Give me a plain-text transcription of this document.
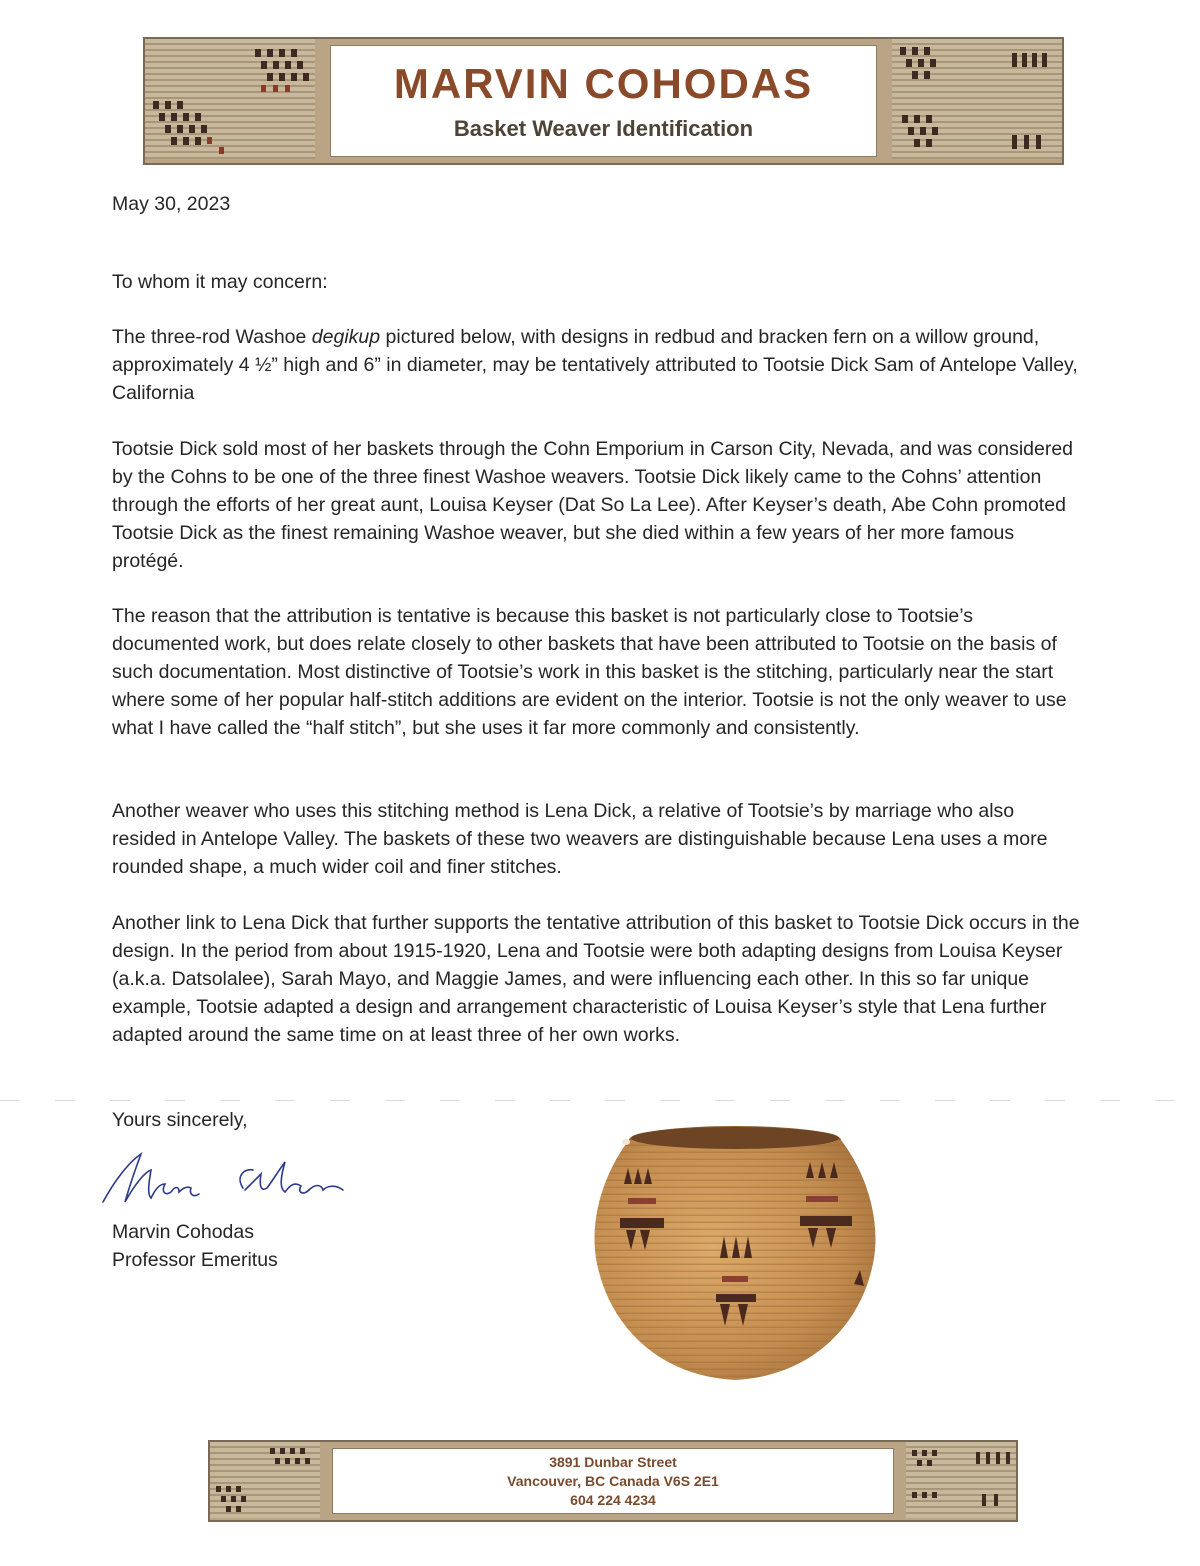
MARVIN COHODAS
Basket Weaver Identification
May 30, 2023
To whom it may concern:

The three-rod Washoe degikup pictured below, with designs in redbud and bracken fern on a willow ground, approximately 4 ½” high and 6” in diameter, may be tentatively attributed to Tootsie Dick Sam of Antelope Valley, California

Tootsie Dick sold most of her baskets through the Cohn Emporium in Carson City, Nevada, and was considered by the Cohns to be one of the three finest Washoe weavers. Tootsie Dick likely came to the Cohns’ attention through the efforts of her great aunt, Louisa Keyser (Dat So La Lee). After Keyser’s death, Abe Cohn promoted Tootsie Dick as the finest remaining Washoe weaver, but she died within a few years of her more famous protégé.
The reason that the attribution is tentative is because this basket is not particularly close to Tootsie’s documented work, but does relate closely to other baskets that have been attributed to Tootsie on the basis of such documentation. Most distinctive of Tootsie’s work in this basket is the stitching, particularly near the start where some of her popular half-stitch additions are evident on the interior. Tootsie is not the only weaver to use what I have called the “half stitch”, but she uses it far more commonly and consistently.
Another weaver who uses this stitching method is Lena Dick, a relative of Tootsie’s by marriage who also resided in Antelope Valley. The baskets of these two weavers are distinguishable because Lena uses a more rounded shape, a much wider coil and finer stitches.
Another link to Lena Dick that further supports the tentative attribution of this basket to Tootsie Dick occurs in the design. In the period from about 1915-1920, Lena and Tootsie were both adapting designs from Louisa Keyser (a.k.a. Datsolalee), Sarah Mayo, and Maggie James, and were influencing each other. In this so far unique example, Tootsie adapted a design and arrangement characteristic of Louisa Keyser’s style that Lena further adapted around the same time on at least three of her own works.
Yours sincerely,

Marvin Cohodas

Professor Emeritus

3891 Dunbar Street
Vancouver, BC Canada V6S 2E1
604 224 4234
